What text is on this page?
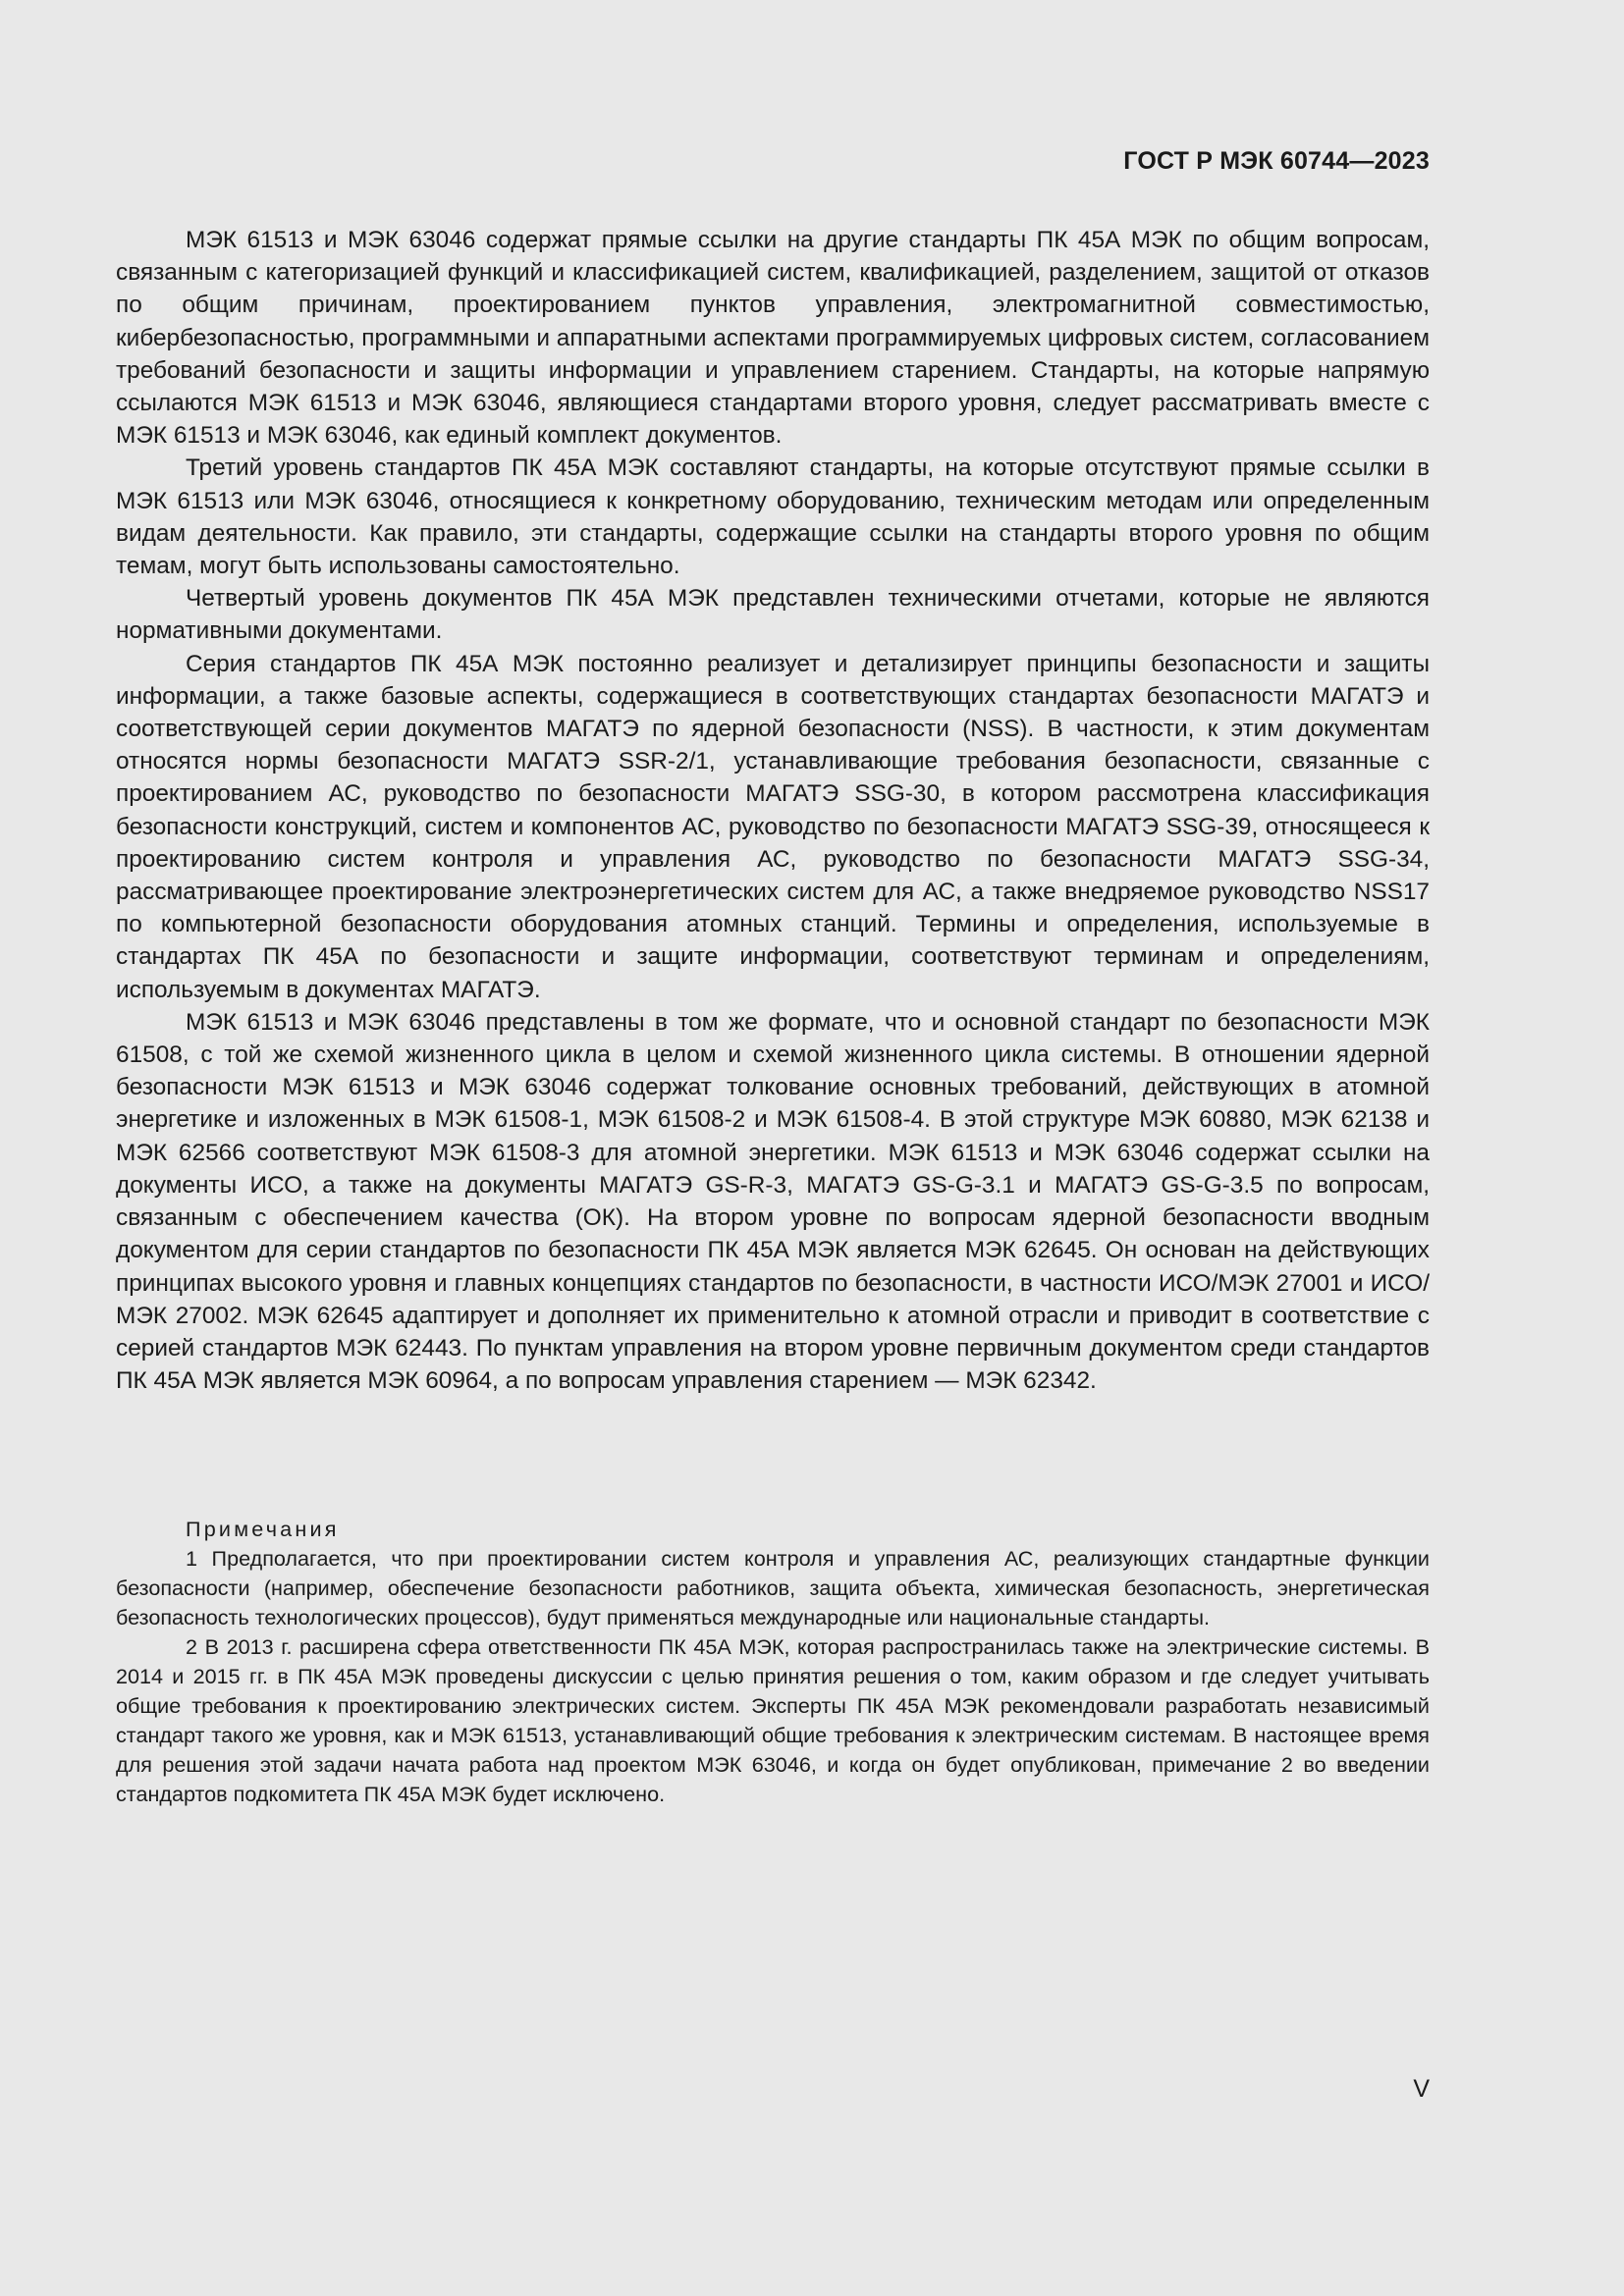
ГОСТ Р МЭК 60744—2023

МЭК 61513 и МЭК 63046 содержат прямые ссылки на другие стандарты ПК 45А МЭК по общим вопросам, связанным с категоризацией функций и классификацией систем, квалификацией, разделением, защитой от отказов по общим причинам, проектированием пунктов управления, электромагнитной совместимостью, кибербезопасностью, программными и аппаратными аспектами программируемых цифровых систем, согласованием требований безопасности и защиты информации и управлением старением. Стандарты, на которые напрямую ссылаются МЭК 61513 и МЭК 63046, являющиеся стандартами второго уровня, следует рассматривать вместе с МЭК 61513 и МЭК 63046, как единый комплект документов.

Третий уровень стандартов ПК 45А МЭК составляют стандарты, на которые отсутствуют прямые ссылки в МЭК 61513 или МЭК 63046, относящиеся к конкретному оборудованию, техническим методам или определенным видам деятельности. Как правило, эти стандарты, содержащие ссылки на стандарты второго уровня по общим темам, могут быть использованы самостоятельно.

Четвертый уровень документов ПК 45А МЭК представлен техническими отчетами, которые не являются нормативными документами.

Серия стандартов ПК 45А МЭК постоянно реализует и детализирует принципы безопасности и защиты информации, а также базовые аспекты, содержащиеся в соответствующих стандартах безопасности МАГАТЭ и соответствующей серии документов МАГАТЭ по ядерной безопасности (NSS). В частности, к этим документам относятся нормы безопасности МАГАТЭ SSR-2/1, устанавливающие требования безопасности, связанные с проектированием АС, руководство по безопасности МАГАТЭ SSG-30, в котором рассмотрена классификация безопасности конструкций, систем и компонентов АС, руководство по безопасности МАГАТЭ SSG-39, относящееся к проектированию систем контроля и управления АС, руководство по безопасности МАГАТЭ SSG-34, рассматривающее проектирование электроэнергетических систем для АС, а также внедряемое руководство NSS17 по компьютерной безопасности оборудования атомных станций. Термины и определения, используемые в стандартах ПК 45А по безопасности и защите информации, соответствуют терминам и определениям, используемым в документах МАГАТЭ.

МЭК 61513 и МЭК 63046 представлены в том же формате, что и основной стандарт по безопасности МЭК 61508, с той же схемой жизненного цикла в целом и схемой жизненного цикла системы. В отношении ядерной безопасности МЭК 61513 и МЭК 63046 содержат толкование основных требований, действующих в атомной энергетике и изложенных в МЭК 61508-1, МЭК 61508-2 и МЭК 61508-4. В этой структуре МЭК 60880, МЭК 62138 и МЭК 62566 соответствуют МЭК 61508-3 для атомной энергетики. МЭК 61513 и МЭК 63046 содержат ссылки на документы ИСО, а также на документы МАГАТЭ GS-R-3, МАГАТЭ GS-G-3.1 и МАГАТЭ GS-G-3.5 по вопросам, связанным с обеспечением качества (ОК). На втором уровне по вопросам ядерной безопасности вводным документом для серии стандартов по безопасности ПК 45А МЭК является МЭК 62645. Он основан на действующих принципах высокого уровня и главных концепциях стандартов по безопасности, в частности ИСО/МЭК 27001 и ИСО/МЭК 27002. МЭК 62645 адаптирует и дополняет их применительно к атомной отрасли и приводит в соответствие с серией стандартов МЭК 62443. По пунктам управления на втором уровне первичным документом среди стандартов ПК 45А МЭК является МЭК 60964, а по вопросам управления старением — МЭК 62342.

Примечания

1 Предполагается, что при проектировании систем контроля и управления АС, реализующих стандартные функции безопасности (например, обеспечение безопасности работников, защита объекта, химическая безопасность, энергетическая безопасность технологических процессов), будут применяться международные или национальные стандарты.

2 В 2013 г. расширена сфера ответственности ПК 45А МЭК, которая распространилась также на электрические системы. В 2014 и 2015 гг. в ПК 45А МЭК проведены дискуссии с целью принятия решения о том, каким образом и где следует учитывать общие требования к проектированию электрических систем. Эксперты ПК 45А МЭК рекомендовали разработать независимый стандарт такого же уровня, как и МЭК 61513, устанавливающий общие требования к электрическим системам. В настоящее время для решения этой задачи начата работа над проектом МЭК 63046, и когда он будет опубликован, примечание 2 во введении стандартов подкомитета ПК 45А МЭК будет исключено.

V
